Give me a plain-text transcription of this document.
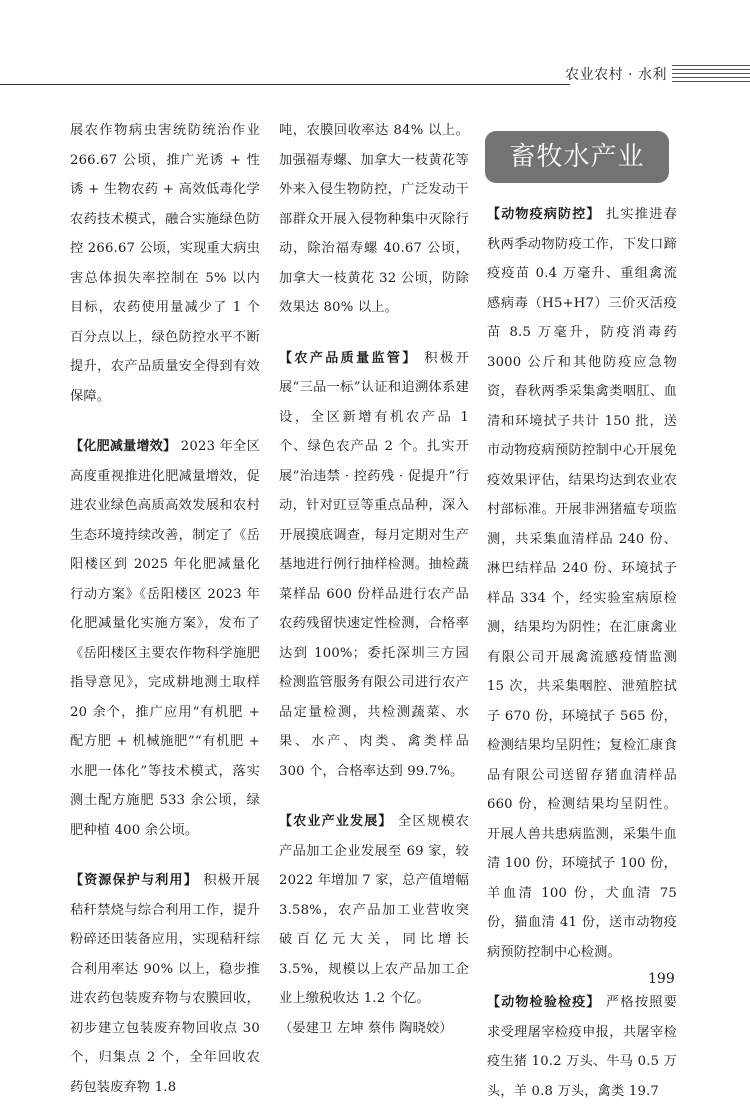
农业农村 · 水利

展农作物病虫害统防统治作业 266.67 公顷，推广光诱 + 性诱 + 生物农药 + 高效低毒化学农药技术模式，融合实施绿色防控 266.67 公顷，实现重大病虫害总体损失率控制在 5% 以内目标，农药使用量减少了 1 个百分点以上，绿色防控水平不断提升，农产品质量安全得到有效保障。

【化肥减量增效】 2023 年全区高度重视推进化肥减量增效，促进农业绿色高质高效发展和农村生态环境持续改善，制定了《岳阳楼区到 2025 年化肥减量化行动方案》《岳阳楼区 2023 年化肥减量化实施方案》，发布了《岳阳楼区主要农作物科学施肥指导意见》，完成耕地测土取样 20 余个，推广应用“有机肥 + 配方肥 + 机械施肥”“有机肥 + 水肥一体化”等技术模式，落实测土配方施肥 533 余公顷，绿肥种植 400 余公顷。

【资源保护与利用】 积极开展秸秆禁烧与综合利用工作，提升粉碎还田装备应用，实现秸秆综合利用率达 90% 以上，稳步推进农药包装废弃物与农膜回收，初步建立包装废弃物回收点 30 个，归集点 2 个，全年回收农药包装废弃物 1.8

吨，农膜回收率达 84% 以上。加强福寿螺、加拿大一枝黄花等外来入侵生物防控，广泛发动干部群众开展入侵物种集中灭除行动，除治福寿螺 40.67 公顷，加拿大一枝黄花 32 公顷，防除效果达 80% 以上。

【农产品质量监管】 积极开展“三品一标”认证和追溯体系建设，全区新增有机农产品 1 个、绿色农产品 2 个。扎实开展“治违禁 · 控药残 · 促提升”行动，针对豇豆等重点品种，深入开展摸底调查，每月定期对生产基地进行例行抽样检测。抽检蔬菜样品 600 份样品进行农产品农药残留快速定性检测，合格率达到 100%；委托深圳三方园检测监管服务有限公司进行农产品定量检测，共检测蔬菜、水果、水产、肉类、禽类样品 300 个，合格率达到 99.7%。

【农业产业发展】 全区规模农产品加工企业发展至 69 家，较 2022 年增加 7 家，总产值增幅 3.58%，农产品加工业营收突破百亿元大关，同比增长 3.5%，规模以上农产品加工企业上缴税收达 1.2 个亿。
（晏建卫 左坤 蔡伟 陶晓姣）

畜牧水产业

【动物疫病防控】 扎实推进春秋两季动物防疫工作，下发口蹄疫疫苗 0.4 万毫升、重组禽流感病毒（H5+H7）三价灭活疫苗 8.5 万毫升，防疫消毒药 3000 公斤和其他防疫应急物资，春秋两季采集禽类咽肛、血清和环境拭子共计 150 批，送市动物疫病预防控制中心开展免疫效果评估，结果均达到农业农村部标准。开展非洲猪瘟专项监测，共采集血清样品 240 份、淋巴结样品 240 份、环境拭子样品 334 个，经实验室病原检测，结果均为阴性；在汇康禽业有限公司开展禽流感疫情监测 15 次，共采集咽腔、泄殖腔拭子 670 份，环境拭子 565 份，检测结果均呈阴性；复检汇康食品有限公司送留存猪血清样品 660 份，检测结果均呈阴性。开展人兽共患病监测，采集牛血清 100 份，环境拭子 100 份，羊血清 100 份，犬血清 75 份，猫血清 41 份，送市动物疫病预防控制中心检测。

【动物检验检疫】 严格按照要求受理屠宰检疫申报，共屠宰检疫生猪 10.2 万头、牛马 0.5 万头，羊 0.8 万头，禽类 19.7

199
